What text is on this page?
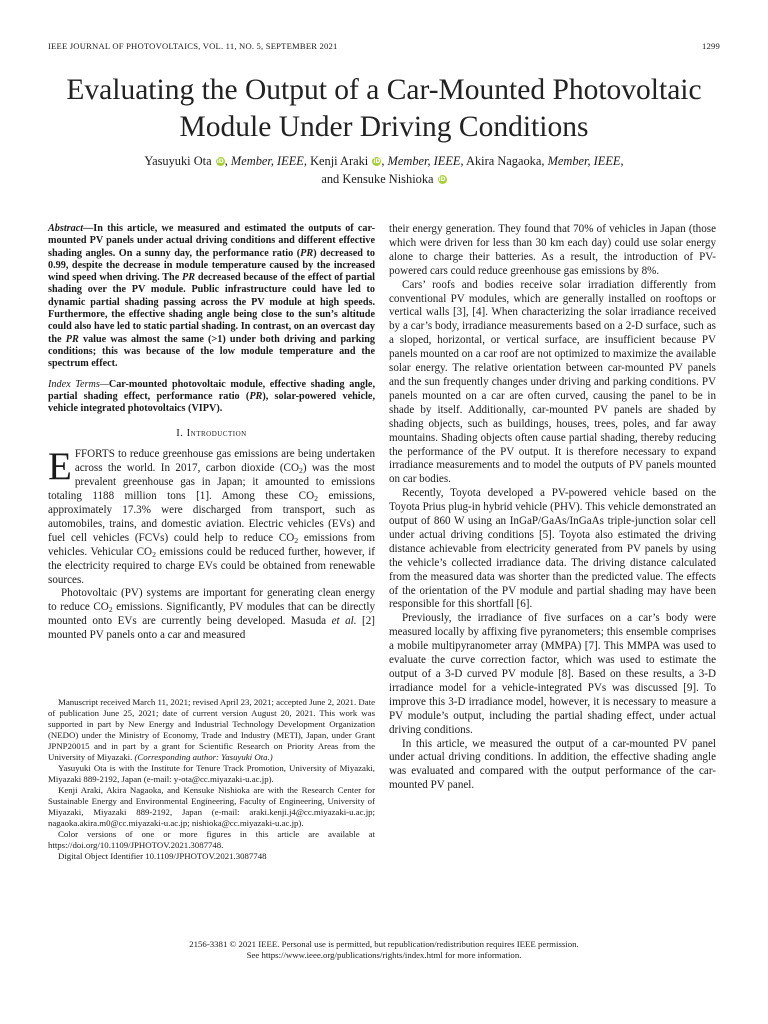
IEEE JOURNAL OF PHOTOVOLTAICS, VOL. 11, NO. 5, SEPTEMBER 2021	1299
Evaluating the Output of a Car-Mounted Photovoltaic
Module Under Driving Conditions
Yasuyuki Ota iD, Member, IEEE, Kenji Araki iD, Member, IEEE, Akira Nagaoka, Member, IEEE,
and Kensuke Nishioka iD

Abstract—In this article, we measured and estimated the outputs of car-mounted PV panels under actual driving conditions and different effective shading angles. On a sunny day, the performance ratio (PR) decreased to 0.99, despite the decrease in module temperature caused by the increased wind speed when driving. The PR decreased because of the effect of partial shading over the PV module. Public infrastructure could have led to dynamic partial shading passing across the PV module at high speeds. Furthermore, the effective shading angle being close to the sun’s altitude could also have led to static partial shading. In contrast, on an overcast day the PR value was almost the same (>1) under both driving and parking conditions; this was because of the low module temperature and the spectrum effect.

Index Terms—Car-mounted photovoltaic module, effective shading angle, partial shading effect, performance ratio (PR), solar-powered vehicle, vehicle integrated photovoltaics (VIPV).

I. Introduction

EFFORTS to reduce greenhouse gas emissions are being undertaken across the world. In 2017, carbon dioxide $(CO_2)$ was the most prevalent greenhouse gas in Japan; it amounted to emissions totaling 1188 million tons [1]. Among these $CO_2$ emissions, approximately 17.3% were discharged from transport, such as automobiles, trains, and domestic aviation. Electric vehicles (EVs) and fuel cell vehicles (FCVs) could help to reduce $CO_2$ emissions from vehicles. Vehicular $CO_2$ emissions could be reduced further, however, if the electricity required to charge EVs could be obtained from renewable sources.

Photovoltaic (PV) systems are important for generating clean energy to reduce $CO_2$ emissions. Significantly, PV modules that can be directly mounted onto EVs are currently being developed. Masuda et al. [2] mounted PV panels onto a car and measured

Manuscript received March 11, 2021; revised April 23, 2021; accepted June 2, 2021. Date of publication June 25, 2021; date of current version August 20, 2021. This work was supported in part by New Energy and Industrial Technology Development Organization (NEDO) under the Ministry of Economy, Trade and Industry (METI), Japan, under Grant JPNP20015 and in part by a grant for Scientific Research on Priority Areas from the University of Miyazaki. (Corresponding author: Yasuyuki Ota.)

Yasuyuki Ota is with the Institute for Tenure Track Promotion, University of Miyazaki, Miyazaki 889-2192, Japan (e-mail: y-ota@cc.miyazaki-u.ac.jp).

Kenji Araki, Akira Nagaoka, and Kensuke Nishioka are with the Research Center for Sustainable Energy and Environmental Engineering, Faculty of Engineering, University of Miyazaki, Miyazaki 889-2192, Japan (e-mail: araki.kenji.j4@cc.miyazaki-u.ac.jp; nagaoka.akira.m0@cc.miyazaki-u.ac.jp; nishioka@cc.miyazaki-u.ac.jp).

Color versions of one or more figures in this article are available at https://doi.org/10.1109/JPHOTOV.2021.3087748.

Digital Object Identifier 10.1109/JPHOTOV.2021.3087748

their energy generation. They found that 70% of vehicles in Japan (those which were driven for less than 30 km each day) could use solar energy alone to charge their batteries. As a result, the introduction of PV-powered cars could reduce greenhouse gas emissions by 8%.

Cars’ roofs and bodies receive solar irradiation differently from conventional PV modules, which are generally installed on rooftops or vertical walls [3], [4]. When characterizing the solar irradiance received by a car’s body, irradiance measurements based on a 2-D surface, such as a sloped, horizontal, or vertical surface, are insufficient because PV panels mounted on a car roof are not optimized to maximize the available solar energy. The relative orientation between car-mounted PV panels and the sun frequently changes under driving and parking conditions. PV panels mounted on a car are often curved, causing the panel to be in shade by itself. Additionally, car-mounted PV panels are shaded by shading objects, such as buildings, houses, trees, poles, and far away mountains. Shading objects often cause partial shading, thereby reducing the performance of the PV output. It is therefore necessary to expand irradiance measurements and to model the outputs of PV panels mounted on car bodies.

Recently, Toyota developed a PV-powered vehicle based on the Toyota Prius plug-in hybrid vehicle (PHV). This vehicle demonstrated an output of 860 W using an InGaP/GaAs/InGaAs triple-junction solar cell under actual driving conditions [5]. Toyota also estimated the driving distance achievable from electricity generated from PV panels by using the vehicle’s collected irradiance data. The driving distance calculated from the measured data was shorter than the predicted value. The effects of the orientation of the PV module and partial shading may have been responsible for this shortfall [6].

Previously, the irradiance of five surfaces on a car’s body were measured locally by affixing five pyranometers; this ensemble comprises a mobile multipyranometer array (MMPA) [7]. This MMPA was used to evaluate the curve correction factor, which was used to estimate the output of a 3-D curved PV module [8]. Based on these results, a 3-D irradiance model for a vehicle-integrated PVs was discussed [9]. To improve this 3-D irradiance model, however, it is necessary to measure a PV module’s output, including the partial shading effect, under actual driving conditions.

In this article, we measured the output of a car-mounted PV panel under actual driving conditions. In addition, the effective shading angle was evaluated and compared with the output performance of the car-mounted PV panel.

2156-3381 © 2021 IEEE. Personal use is permitted, but republication/redistribution requires IEEE permission.
See https://www.ieee.org/publications/rights/index.html for more information.
